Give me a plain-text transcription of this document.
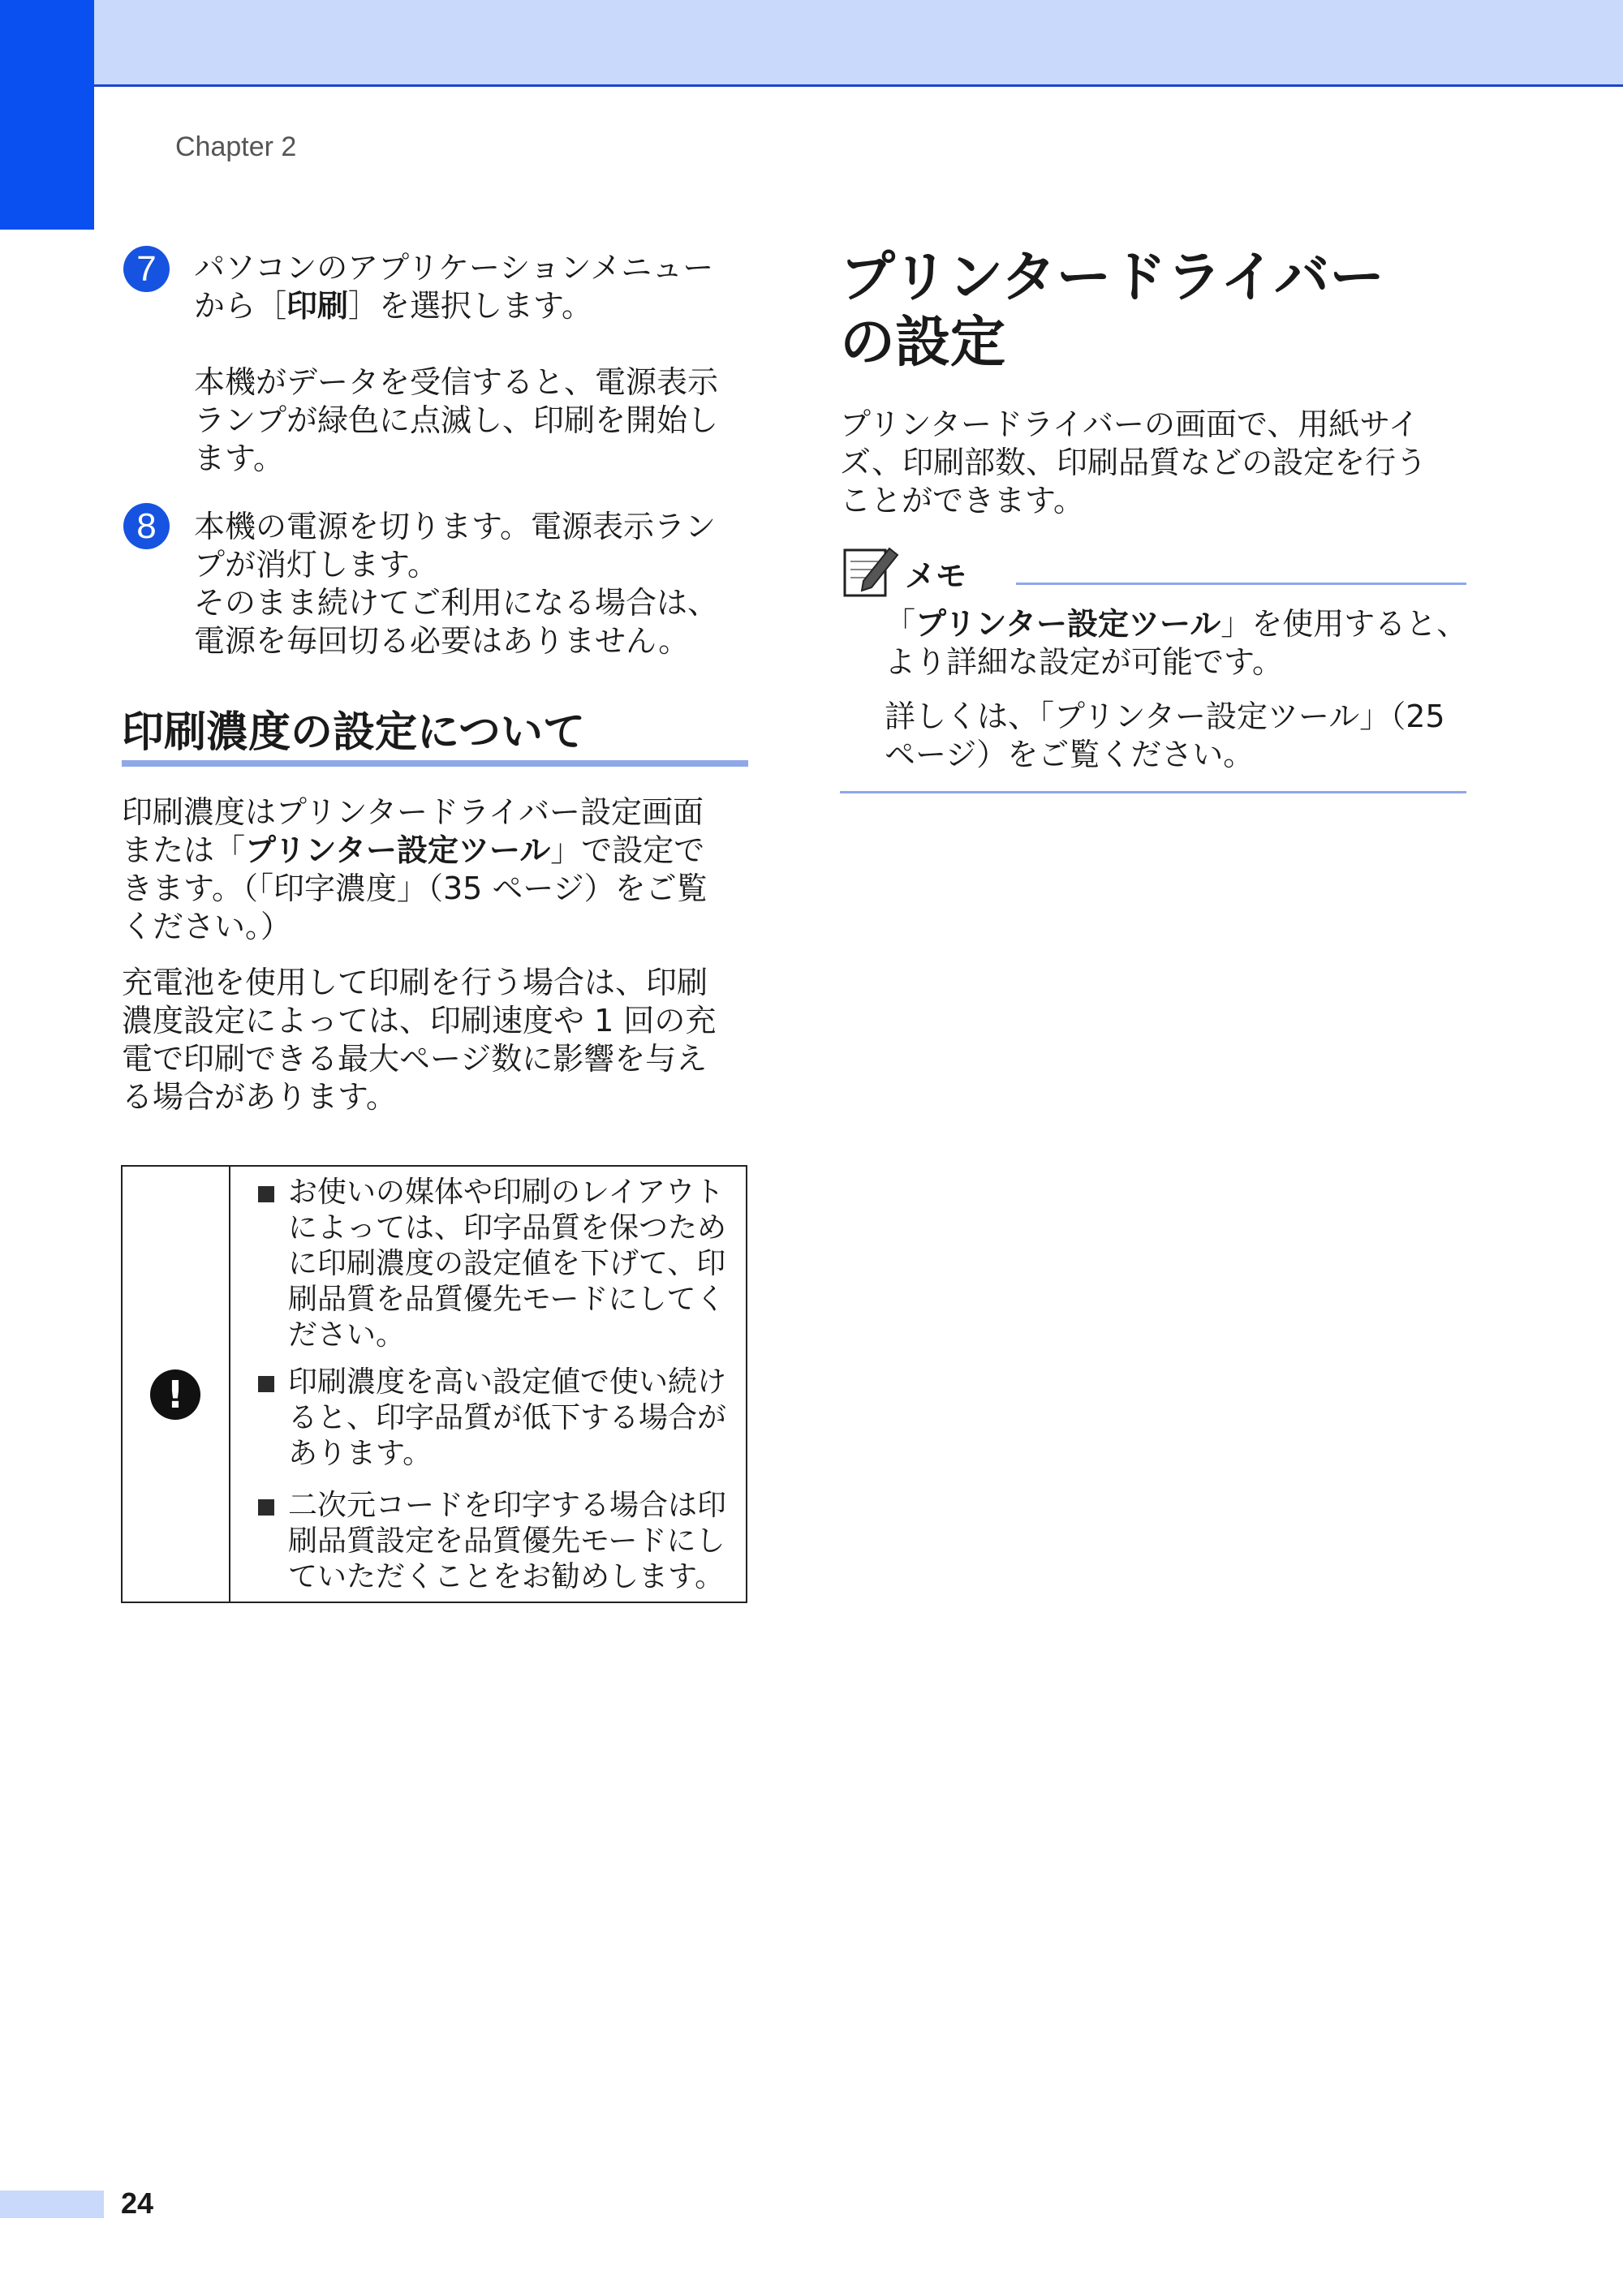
Chapter 2
7	パソコンのアプリケーションメニュー

から［印刷］を選択します。

本機がデータを受信すると、電源表示

ランプが緑色に点滅し、印刷を開始し

ます。

8	本機の電源を切ります。電源表示ラン

プが消灯します。

そのまま続けてご利用になる場合は、

電源を毎回切る必要はありません。

印刷濃度の設定について

印刷濃度はプリンタードライバー設定画面

または「プリンター設定ツール」で設定で

きます。（「印字濃度」（35 ページ）をご覧

ください。）

充電池を使用して印刷を行う場合は、印刷

濃度設定によっては、印刷速度や 1 回の充

電で印刷できる最大ページ数に影響を与え

る場合があります。

!
お使いの媒体や印刷のレイアウト
によっては、印字品質を保つため
に印刷濃度の設定値を下げて、印
刷品質を品質優先モードにしてく
ださい。
印刷濃度を高い設定値で使い続け
ると、印字品質が低下する場合が
あります。
二次元コードを印字する場合は印
刷品質設定を品質優先モードにし
ていただくことをお勧めします。
プリンタードライバー
の設定

プリンタードライバーの画面で、用紙サイ

ズ、印刷部数、印刷品質などの設定を行う

ことができます。

メモ
「プリンター設定ツール」を使用すると、
より詳細な設定が可能です。
詳しくは、「プリンター設定ツール」（25
ページ）をご覧ください。
24
